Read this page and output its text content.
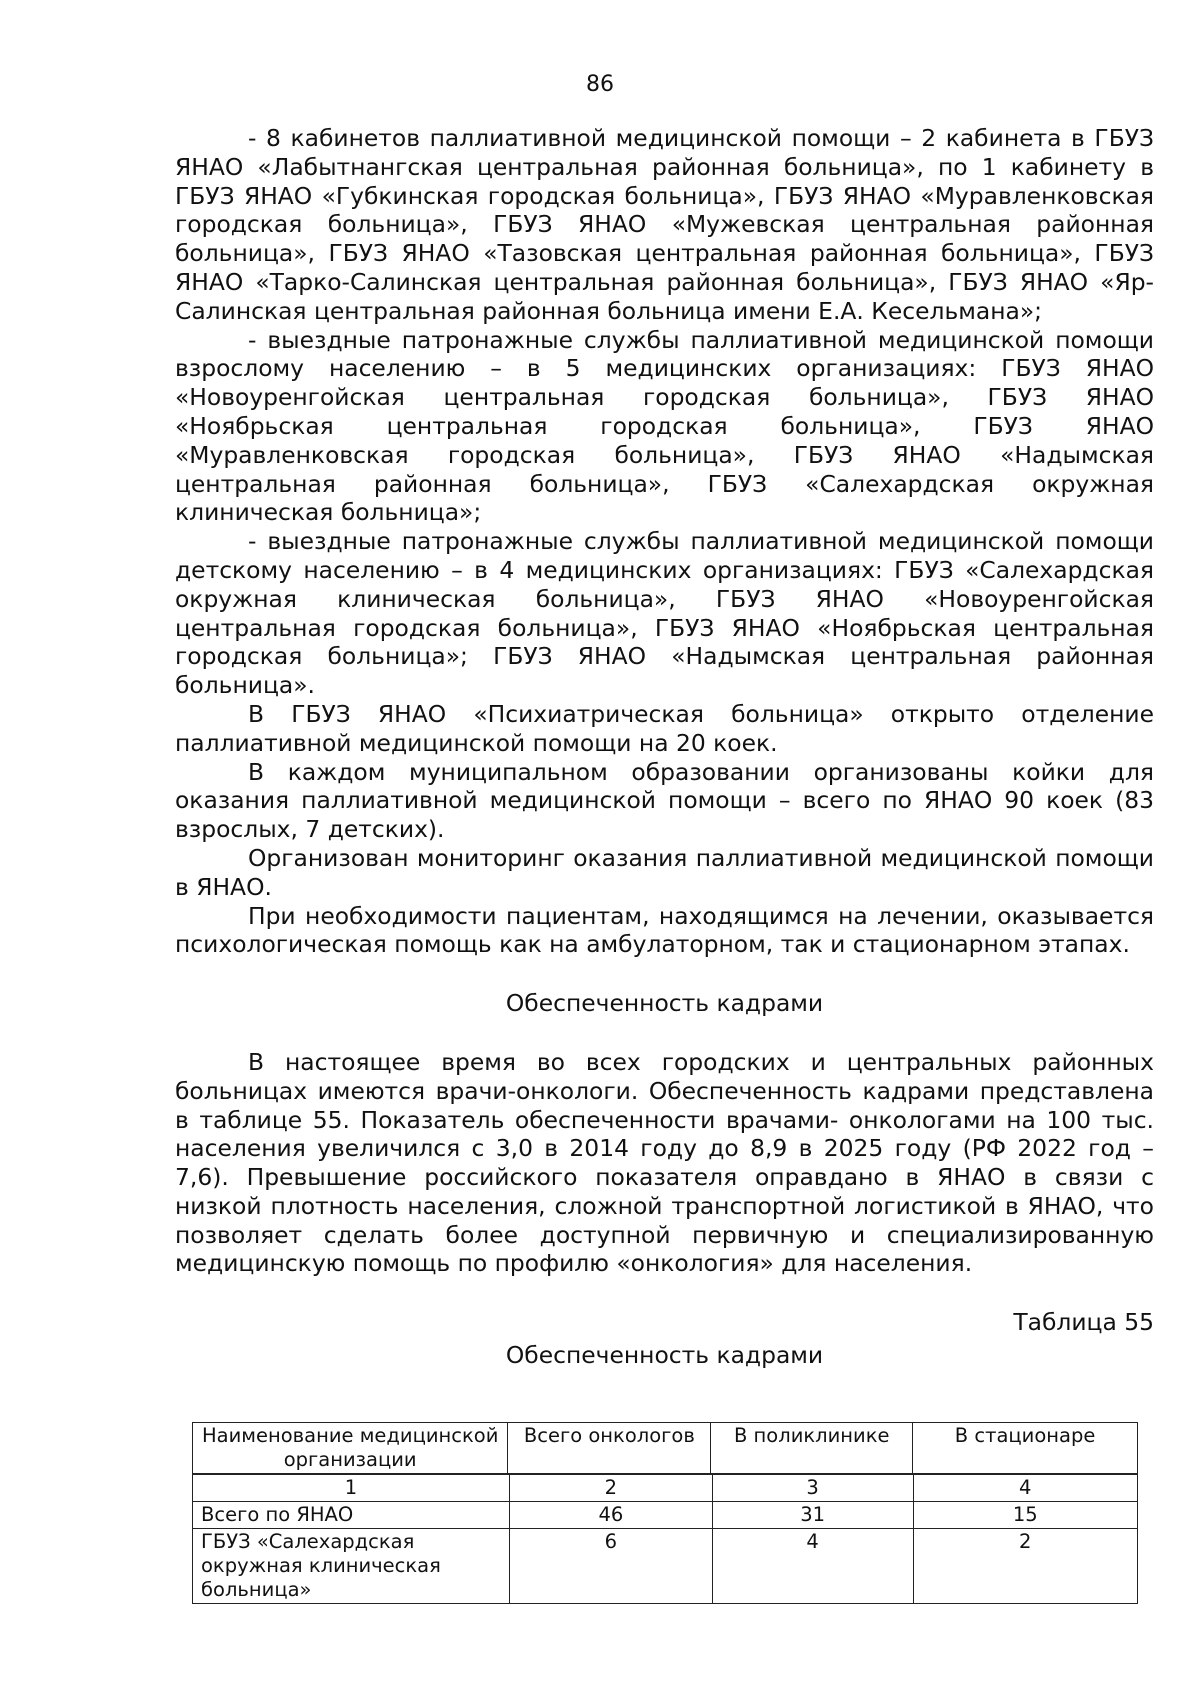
86

- 8 кабинетов паллиативной медицинской помощи – 2 кабинета в ГБУЗ ЯНАО «Лабытнангская центральная районная больница», по 1 кабинету в ГБУЗ ЯНАО «Губкинская городская больница», ГБУЗ ЯНАО «Муравленковская городская больница», ГБУЗ ЯНАО «Мужевская центральная районная больница», ГБУЗ ЯНАО «Тазовская центральная районная больница», ГБУЗ ЯНАО «Тарко-Салинская центральная районная больница», ГБУЗ ЯНАО «Яр-Салинская центральная районная больница имени Е.А. Кесельмана»;

- выездные патронажные службы паллиативной медицинской помощи взрослому населению – в 5 медицинских организациях: ГБУЗ ЯНАО «Новоуренгойская центральная городская больница», ГБУЗ ЯНАО «Ноябрьская центральная городская больница», ГБУЗ ЯНАО «Муравленковская городская больница», ГБУЗ ЯНАО «Надымская центральная районная больница», ГБУЗ «Салехардская окружная клиническая больница»;

- выездные патронажные службы паллиативной медицинской помощи детскому населению – в 4 медицинских организациях: ГБУЗ «Салехардская окружная клиническая больница», ГБУЗ ЯНАО «Новоуренгойская центральная городская больница», ГБУЗ ЯНАО «Ноябрьская центральная городская больница»; ГБУЗ ЯНАО «Надымская центральная районная больница».

В ГБУЗ ЯНАО «Психиатрическая больница» открыто отделение паллиативной медицинской помощи на 20 коек.

В каждом муниципальном образовании организованы койки для оказания паллиативной медицинской помощи – всего по ЯНАО 90 коек (83 взрослых, 7 детских).

Организован мониторинг оказания паллиативной медицинской помощи в ЯНАО.

При необходимости пациентам, находящимся на лечении, оказывается психологическая помощь как на амбулаторном, так и стационарном этапах.

Обеспеченность кадрами

В настоящее время во всех городских и центральных районных больницах имеются врачи-онкологи. Обеспеченность кадрами представлена в таблице 55. Показатель обеспеченности врачами- онкологами на 100 тыс. населения увеличился с 3,0 в 2014 году до 8,9 в 2025 году (РФ 2022 год – 7,6). Превышение российского показателя оправдано в ЯНАО в связи с низкой плотность населения, сложной транспортной логистикой в ЯНАО, что позволяет сделать более доступной первичную и специализированную медицинскую помощь по профилю «онкология» для населения.

Таблица 55
Обеспеченность кадрами
Наименование медицинской организации	Всего онкологов	В поликлинике	В стационаре
1	2	3	4
Всего по ЯНАО	46	31	15
ГБУЗ «Салехардская окружная клиническая больница»	6	4	2
